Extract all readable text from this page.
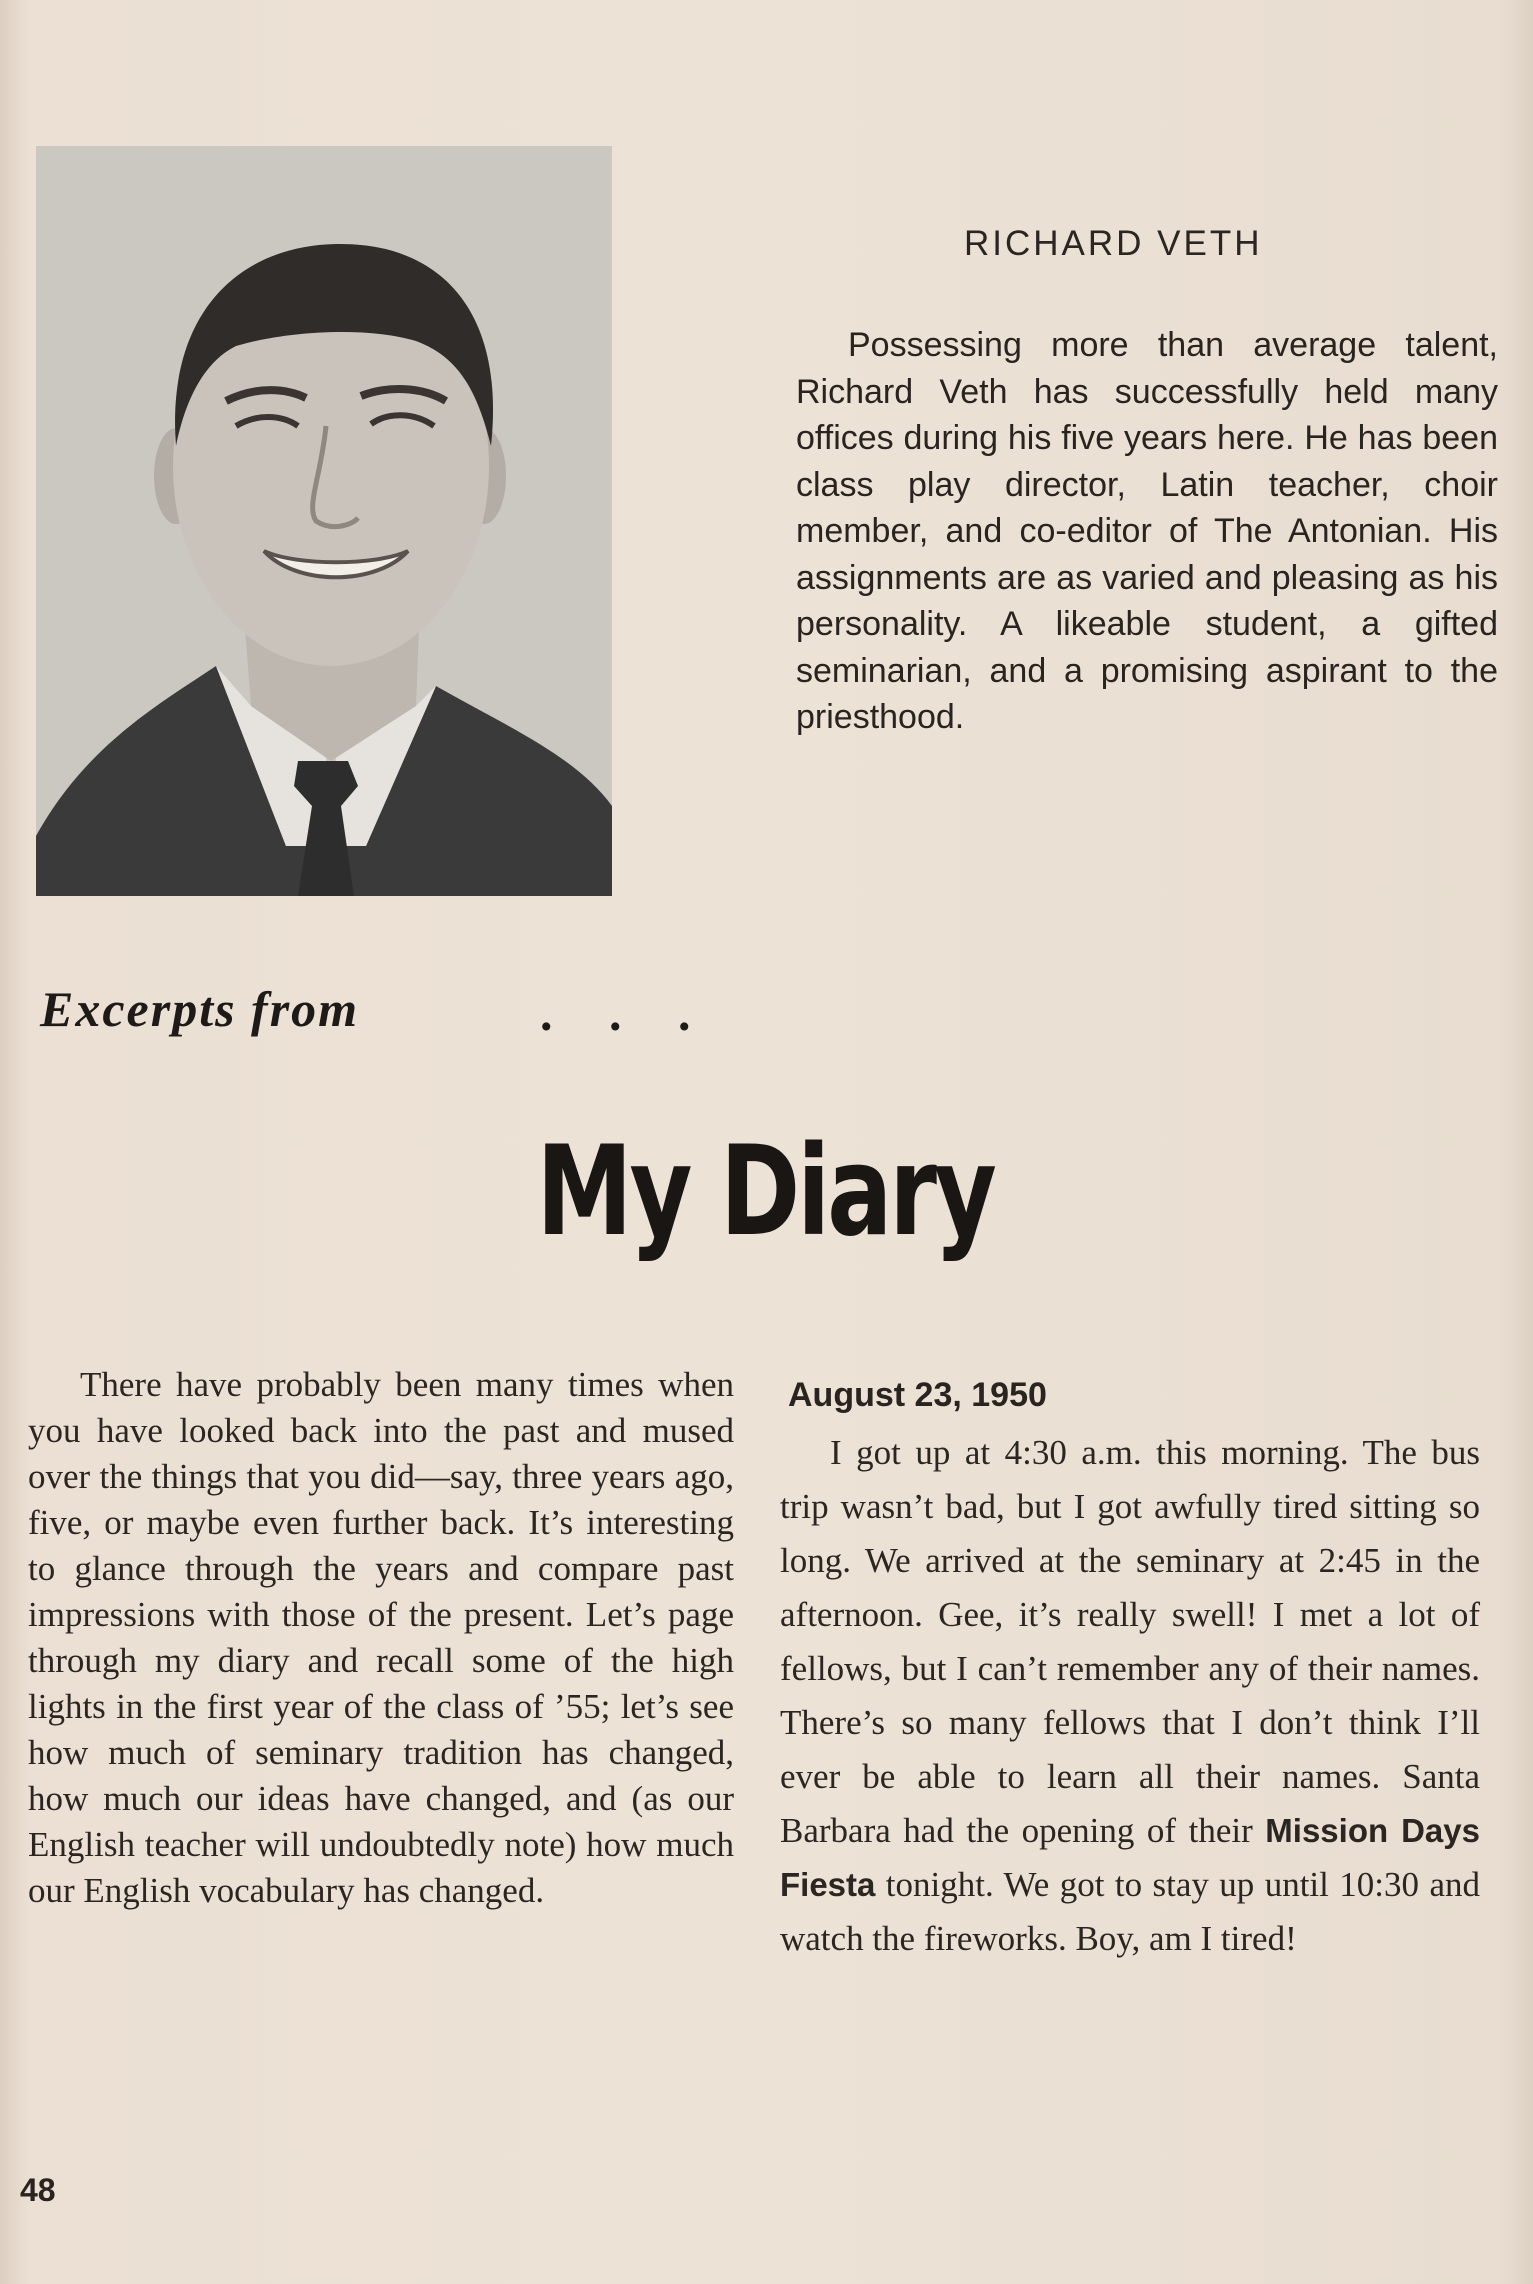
RICHARD VETH
Possessing more than average talent, Richard Veth has successfully held many offices during his five years here. He has been class play director, Latin teacher, choir member, and co-editor of The Antonian. His assignments are as varied and pleasing as his personality. A likeable student, a gifted seminarian, and a promising aspirant to the priesthood.
Excerpts from	. . .
My Diary
There have probably been many times when you have looked back into the past and mused over the things that you did—say, three years ago, five, or maybe even further back. It’s interesting to glance through the years and compare past impressions with those of the present. Let’s page through my diary and recall some of the high lights in the first year of the class of ’55; let’s see how much of seminary tradition has changed, how much our ideas have changed, and (as our English teacher will undoubtedly note) how much our English vocabulary has changed.
August 23, 1950
I got up at 4:30 a.m. this morning. The bus trip wasn’t bad, but I got awfully tired sitting so long. We arrived at the seminary at 2:45 in the afternoon. Gee, it’s really swell! I met a lot of fellows, but I can’t remember any of their names. There’s so many fellows that I don’t think I’ll ever be able to learn all their names. Santa Barbara had the opening of their Mission Days Fiesta tonight. We got to stay up until 10:30 and watch the fireworks. Boy, am I tired!
48
